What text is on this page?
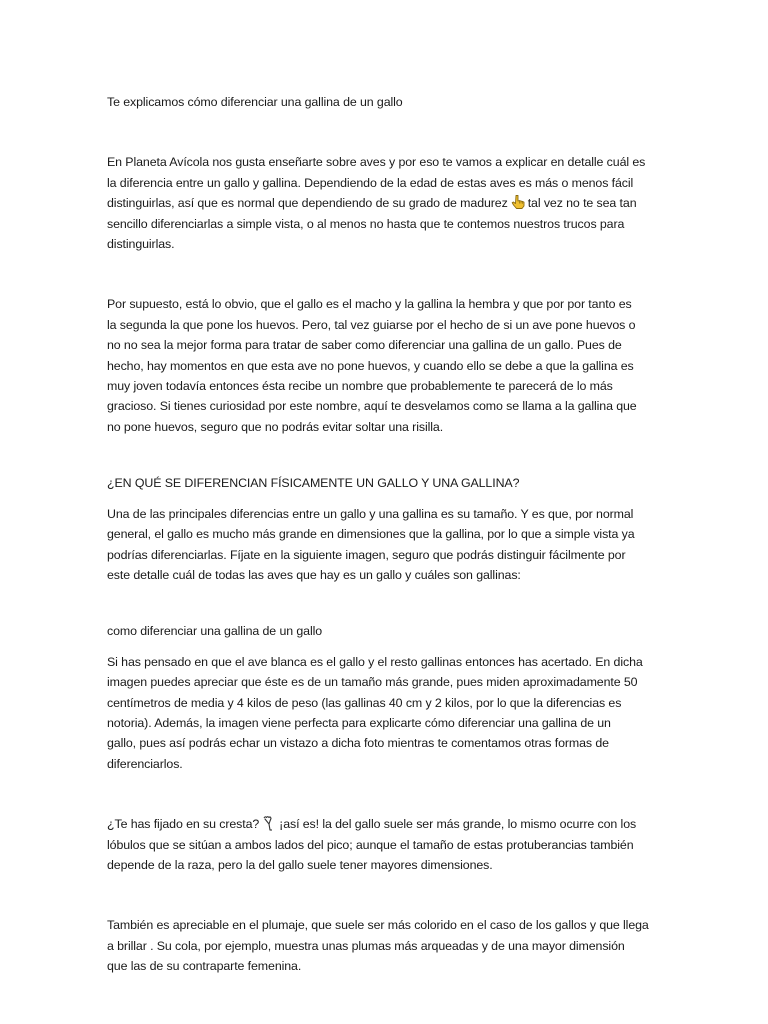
Te explicamos cómo diferenciar una gallina de un gallo
En Planeta Avícola nos gusta enseñarte sobre aves y por eso te vamos a explicar en detalle cuál es
la diferencia entre un gallo y gallina. Dependiendo de la edad de estas aves es más o menos fácil
distinguirlas, así que es normal que dependiendo de su grado de madurez tal vez no te sea tan
sencillo diferenciarlas a simple vista, o al menos no hasta que te contemos nuestros trucos para
distinguirlas.
Por supuesto, está lo obvio, que el gallo es el macho y la gallina la hembra y que por por tanto es
la segunda la que pone los huevos. Pero, tal vez guiarse por el hecho de si un ave pone huevos o
no no sea la mejor forma para tratar de saber como diferenciar una gallina de un gallo. Pues de
hecho, hay momentos en que esta ave no pone huevos, y cuando ello se debe a que la gallina es
muy joven todavía entonces ésta recibe un nombre que probablemente te parecerá de lo más
gracioso. Si tienes curiosidad por este nombre, aquí te desvelamos como se llama a la gallina que
no pone huevos, seguro que no podrás evitar soltar una risilla.
¿EN QUÉ SE DIFERENCIAN FÍSICAMENTE UN GALLO Y UNA GALLINA?
Una de las principales diferencias entre un gallo y una gallina es su tamaño. Y es que, por normal
general, el gallo es mucho más grande en dimensiones que la gallina, por lo que a simple vista ya
podrías diferenciarlas. Fíjate en la siguiente imagen, seguro que podrás distinguir fácilmente por
este detalle cuál de todas las aves que hay es un gallo y cuáles son gallinas:
como diferenciar una gallina de un gallo
Si has pensado en que el ave blanca es el gallo y el resto gallinas entonces has acertado. En dicha
imagen puedes apreciar que éste es de un tamaño más grande, pues miden aproximadamente 50
centímetros de media y 4 kilos de peso (las gallinas 40 cm y 2 kilos, por lo que la diferencias es
notoria). Además, la imagen viene perfecta para explicarte cómo diferenciar una gallina de un
gallo, pues así podrás echar un vistazo a dicha foto mientras te comentamos otras formas de
diferenciarlos.
¿Te has fijado en su cresta? ¡así es! la del gallo suele ser más grande, lo mismo ocurre con los
lóbulos que se sitúan a ambos lados del pico; aunque el tamaño de estas protuberancias también
depende de la raza, pero la del gallo suele tener mayores dimensiones.
También es apreciable en el plumaje, que suele ser más colorido en el caso de los gallos y que llega
a brillar . Su cola, por ejemplo, muestra unas plumas más arqueadas y de una mayor dimensión
que las de su contraparte femenina.
